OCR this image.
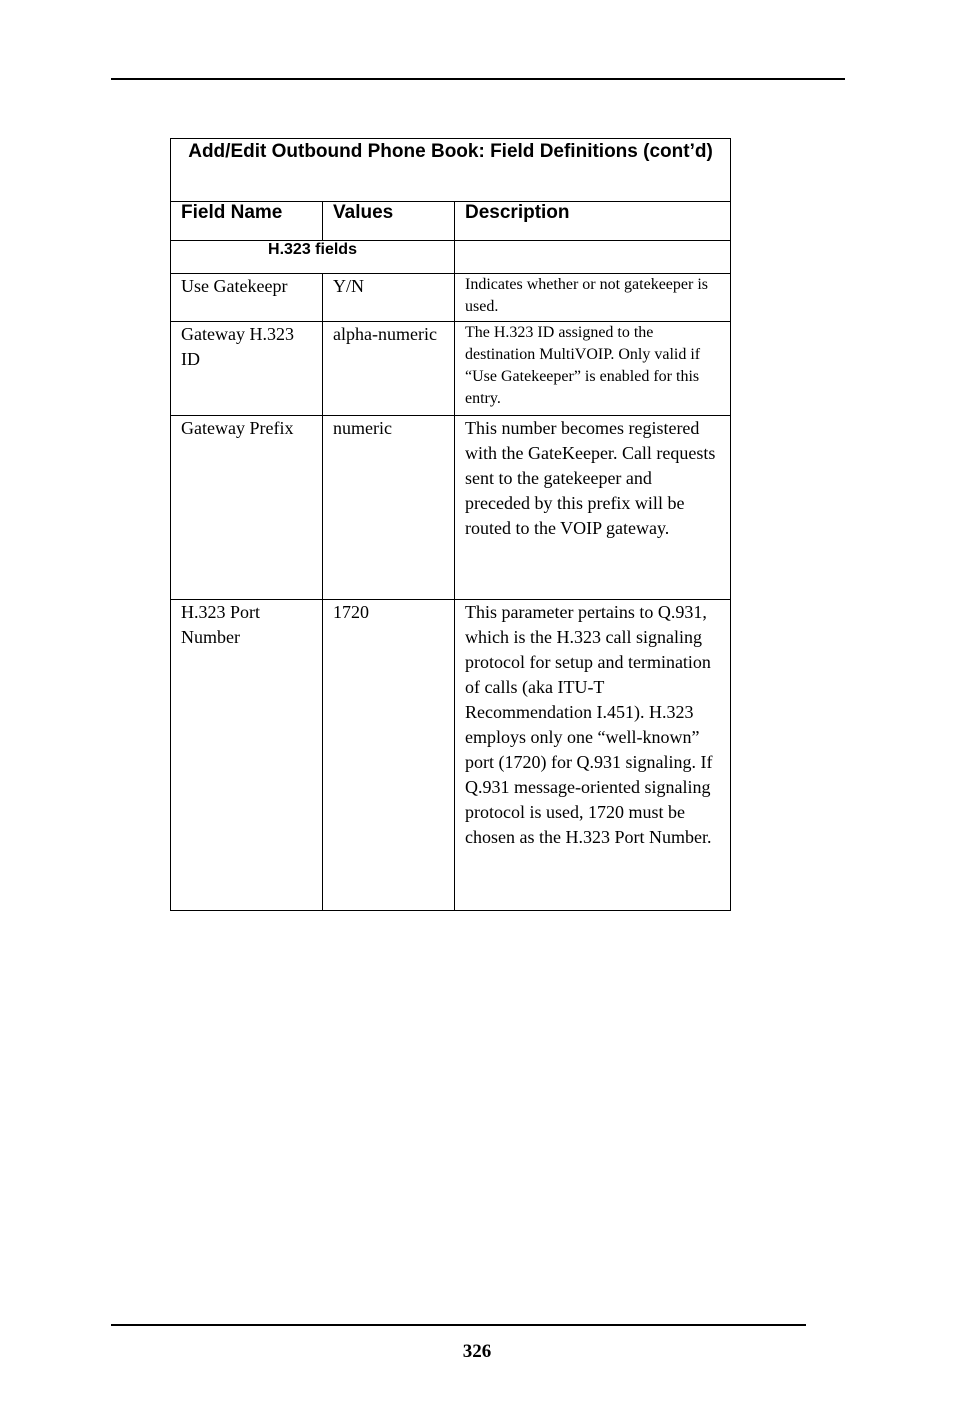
Add/Edit Outbound Phone Book: Field Definitions (cont’d)		
Field Name	Values	Description
H.323 fields		
Use Gatekeepr	Y/N	Indicates whether or not gatekeeper is used.
Gateway H.323 ID	alpha-numeric	The H.323 ID assigned to the destination MultiVOIP. Only valid if “Use Gatekeeper” is enabled for this entry.
Gateway Prefix	numeric	This number becomes registered with the GateKeeper. Call requests sent to the gatekeeper and preceded by this prefix will be routed to the VOIP gateway.
H.323 Port Number	1720	This parameter pertains to Q.931, which is the H.323 call signaling protocol for setup and termination of calls (aka ITU-T Recommendation I.451). H.323 employs only one “well-known” port (1720) for Q.931 signaling. If Q.931 message-oriented signaling protocol is used, 1720 must be chosen as the H.323 Port Number.
326
